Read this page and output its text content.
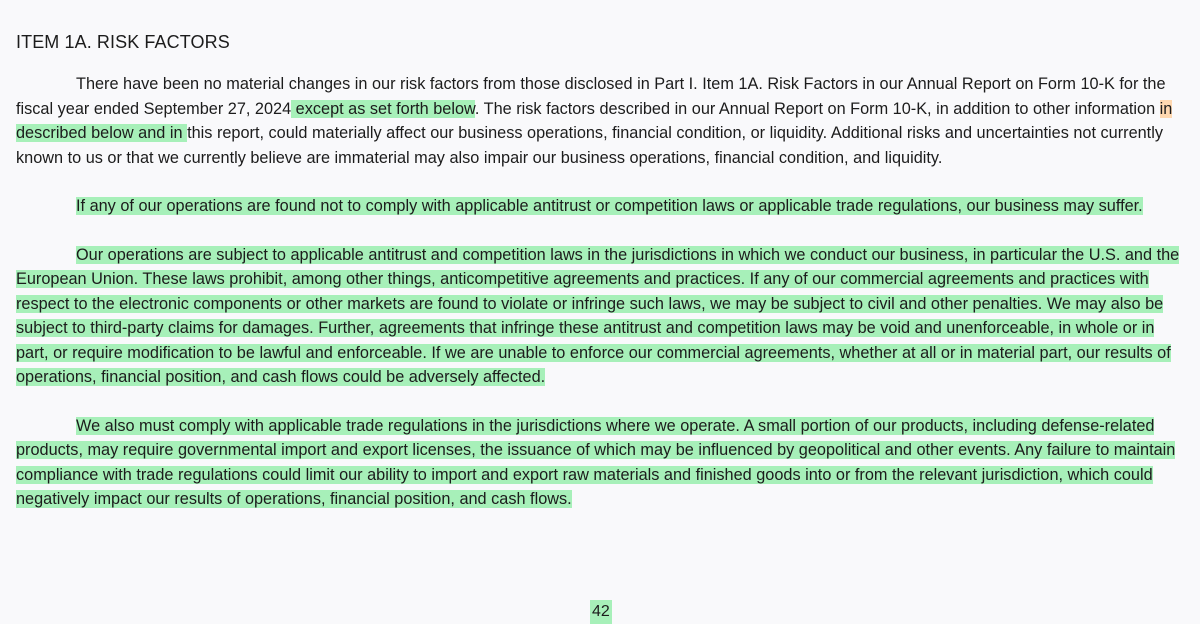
ITEM 1A. RISK FACTORS

There have been no material changes in our risk factors from those disclosed in Part I. Item 1A. Risk Factors in our Annual Report on Form 10-K for the fiscal year ended September 27, 2024 except as set forth below. The risk factors described in our Annual Report on Form 10-K, in addition to other information in described below and in this report, could materially affect our business operations, financial condition, or liquidity. Additional risks and uncertainties not currently known to us or that we currently believe are immaterial may also impair our business operations, financial condition, and liquidity.

If any of our operations are found not to comply with applicable antitrust or competition laws or applicable trade regulations, our business may suffer.

Our operations are subject to applicable antitrust and competition laws in the jurisdictions in which we conduct our business, in particular the U.S. and the European Union. These laws prohibit, among other things, anticompetitive agreements and practices. If any of our commercial agreements and practices with respect to the electronic components or other markets are found to violate or infringe such laws, we may be subject to civil and other penalties. We may also be subject to third-party claims for damages. Further, agreements that infringe these antitrust and competition laws may be void and unenforceable, in whole or in part, or require modification to be lawful and enforceable. If we are unable to enforce our commercial agreements, whether at all or in material part, our results of operations, financial position, and cash flows could be adversely affected.

We also must comply with applicable trade regulations in the jurisdictions where we operate. A small portion of our products, including defense-related products, may require governmental import and export licenses, the issuance of which may be influenced by geopolitical and other events. Any failure to maintain compliance with trade regulations could limit our ability to import and export raw materials and finished goods into or from the relevant jurisdiction, which could negatively impact our results of operations, financial position, and cash flows.

42
